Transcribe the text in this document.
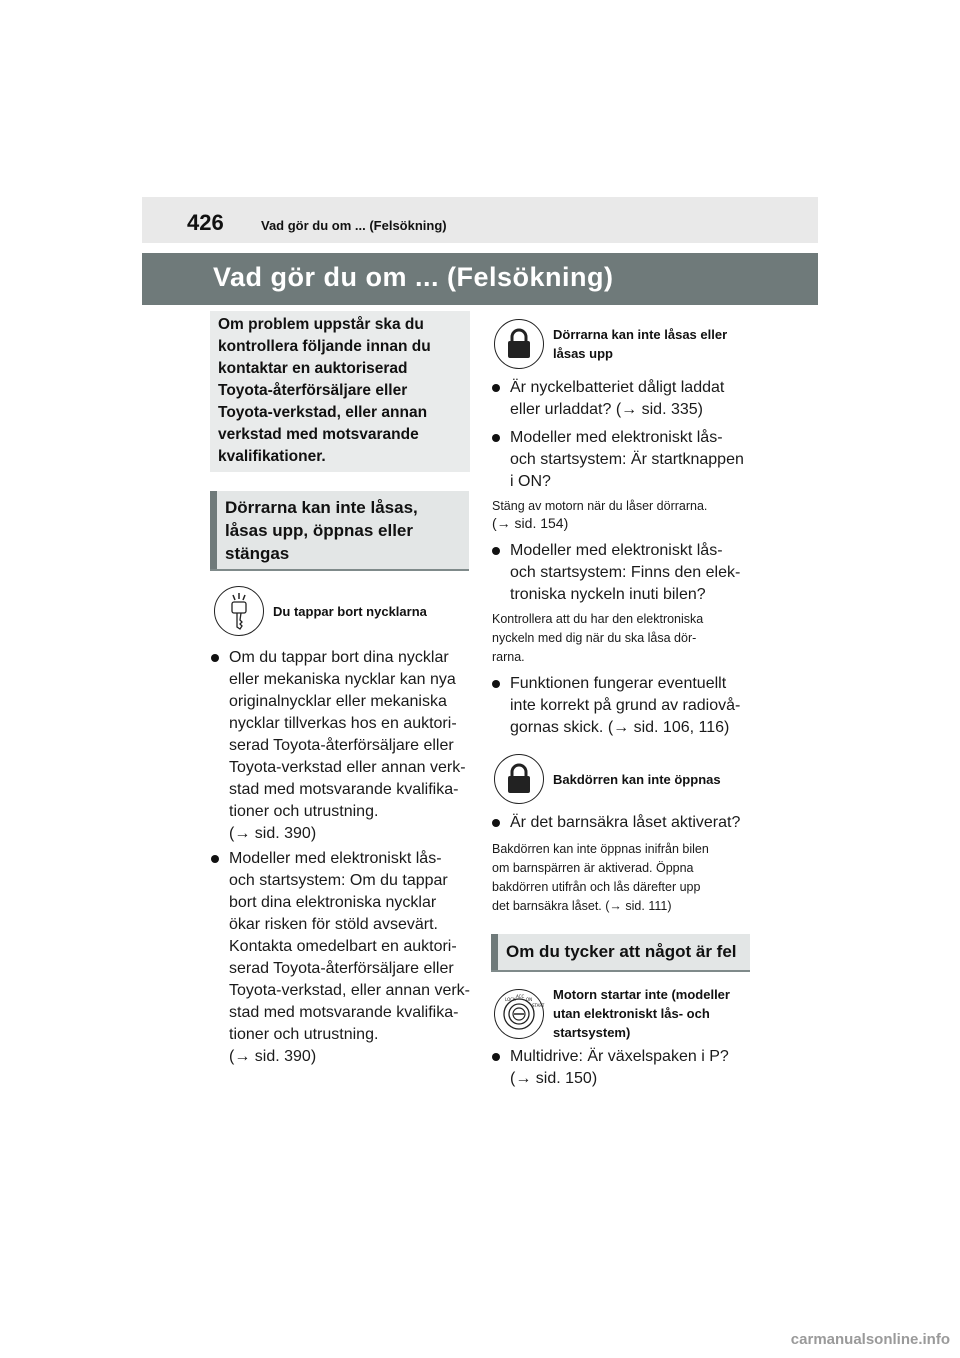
426	Vad gör du om ... (Felsökning)
Vad gör du om ... (Felsökning)
Om problem uppstår ska du kontrollera följande innan du kontaktar en auktoriserad Toyota-återförsäljare eller Toyota-verkstad, eller annan verkstad med motsvarande kvalifikationer.
Dörrarna kan inte låsas, låsas upp, öppnas eller stängas
Du tappar bort nycklarna
Om du tappar bort dina nycklar
eller mekaniska nycklar kan nya
originalnycklar eller mekaniska
nycklar tillverkas hos en auktori-
serad Toyota-återförsäljare eller
Toyota-verkstad eller annan verk-
stad med motsvarande kvalifika-
tioner och utrustning.
(→ sid. 390)
Modeller med elektroniskt lås-
och startsystem: Om du tappar
bort dina elektroniska nycklar
ökar risken för stöld avsevärt.
Kontakta omedelbart en auktori-
serad Toyota-återförsäljare eller
Toyota-verkstad, eller annan verk-
stad med motsvarande kvalifika-
tioner och utrustning.
(→ sid. 390)
Dörrarna kan inte låsas eller
låsas upp
Är nyckelbatteriet dåligt laddat
eller urladdat? (→ sid. 335)
Modeller med elektroniskt lås-
och startsystem: Är startknappen
i ON?
Stäng av motorn när du låser dörrarna.
(→ sid. 154)
Modeller med elektroniskt lås-
och startsystem: Finns den elek-
troniska nyckeln inuti bilen?
Kontrollera att du har den elektroniska
nyckeln med dig när du ska låsa dör-
rarna.
Funktionen fungerar eventuellt
inte korrekt på grund av radiovå-
gornas skick. (→ sid. 106, 116)
Bakdörren kan inte öppnas
Är det barnsäkra låset aktiverat?
Bakdörren kan inte öppnas inifrån bilen
om barnspärren är aktiverad. Öppna
bakdörren utifrån och lås därefter upp
det barnsäkra låset. (→ sid. 111)
Om du tycker att något är fel
LOCK
ACC
ON
START
Motorn startar inte (modeller
utan elektroniskt lås- och
startsystem)
Multidrive: Är växelspaken i P?
(→ sid. 150)
carmanualsonline.info
